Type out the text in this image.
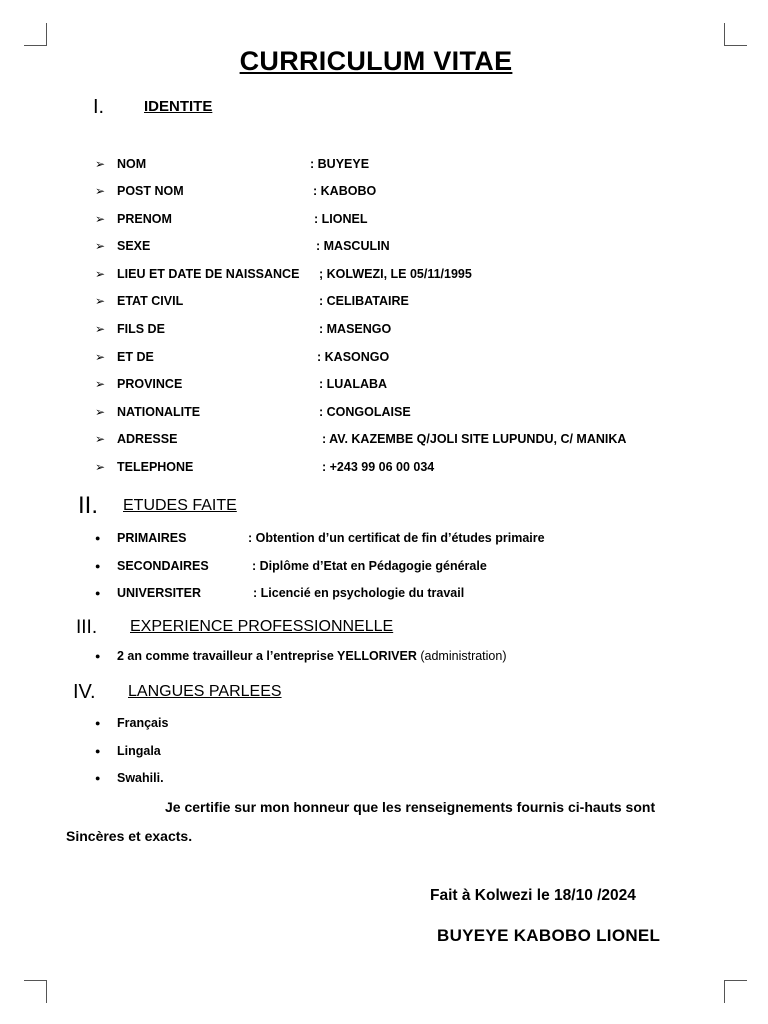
CURRICULUM VITAE
I.	IDENTITE
➢ NOM	: BUYEYE
➢ POST NOM	: KABOBO
➢ PRENOM	: LIONEL
➢ SEXE	: MASCULIN
➢ LIEU ET DATE DE NAISSANCE ; KOLWEZI, LE 05/11/1995
➢ ETAT CIVIL	: CELIBATAIRE
➢ FILS DE	: MASENGO
➢ ET DE	: KASONGO
➢ PROVINCE	: LUALABA
➢ NATIONALITE	: CONGOLAISE
➢ ADRESSE	: AV. KAZEMBE Q/JOLI SITE LUPUNDU, C/ MANIKA
➢ TELEPHONE	: +243 99 06 00 034
II. ETUDES FAITE
● PRIMAIRES	: Obtention d’un certificat de fin d’études primaire
● SECONDAIRES	: Diplôme d’Etat en Pédagogie générale
● UNIVERSITER	: Licencié en psychologie du travail
III. EXPERIENCE PROFESSIONNELLE
● 2 an comme travailleur a l’entreprise YELLORIVER (administration)
IV. LANGUES PARLEES
● Français
● Lingala
● Swahili.
Je certifie sur mon honneur que les renseignements fournis ci-hauts sont
Sincères et exacts.
Fait à Kolwezi le 18/10 /2024
BUYEYE KABOBO LIONEL
